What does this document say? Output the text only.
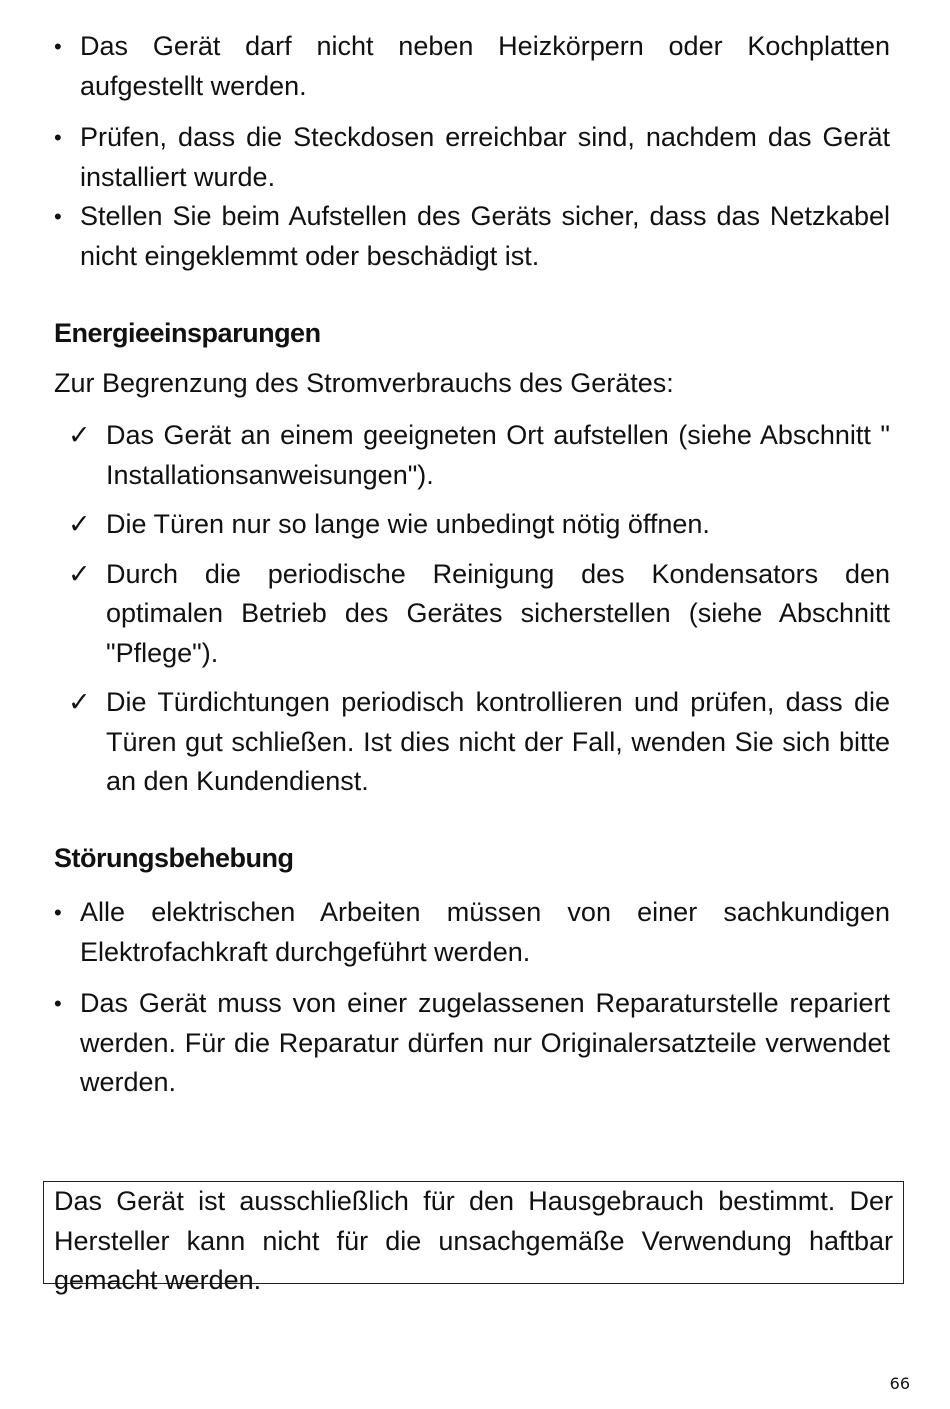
• Das Gerät darf nicht neben Heizkörpern oder Kochplatten aufgestellt werden.
• Prüfen, dass die Steckdosen erreichbar sind, nachdem das Gerät installiert wurde.
• Stellen Sie beim Aufstellen des Geräts sicher, dass das Netzkabel nicht eingeklemmt oder beschädigt ist.
Energieeinsparungen

Zur Begrenzung des Stromverbrauchs des Gerätes:

✓ Das Gerät an einem geeigneten Ort aufstellen (siehe Abschnitt " Installationsanweisungen").
✓ Die Türen nur so lange wie unbedingt nötig öffnen.
✓ Durch die periodische Reinigung des Kondensators den optimalen Betrieb des Gerätes sicherstellen (siehe Abschnitt "Pflege").
✓ Die Türdichtungen periodisch kontrollieren und prüfen, dass die Türen gut schließen. Ist dies nicht der Fall, wenden Sie sich bitte an den Kundendienst.
Störungsbehebung
• Alle elektrischen Arbeiten müssen von einer sachkundigen Elektrofachkraft durchgeführt werden.
• Das Gerät muss von einer zugelassenen Reparaturstelle repariert werden. Für die Reparatur dürfen nur Originalersatzteile verwendet werden.
Das Gerät ist ausschließlich für den Hausgebrauch bestimmt. Der Hersteller kann nicht für die unsachgemäße Verwendung haftbar gemacht werden.
66
